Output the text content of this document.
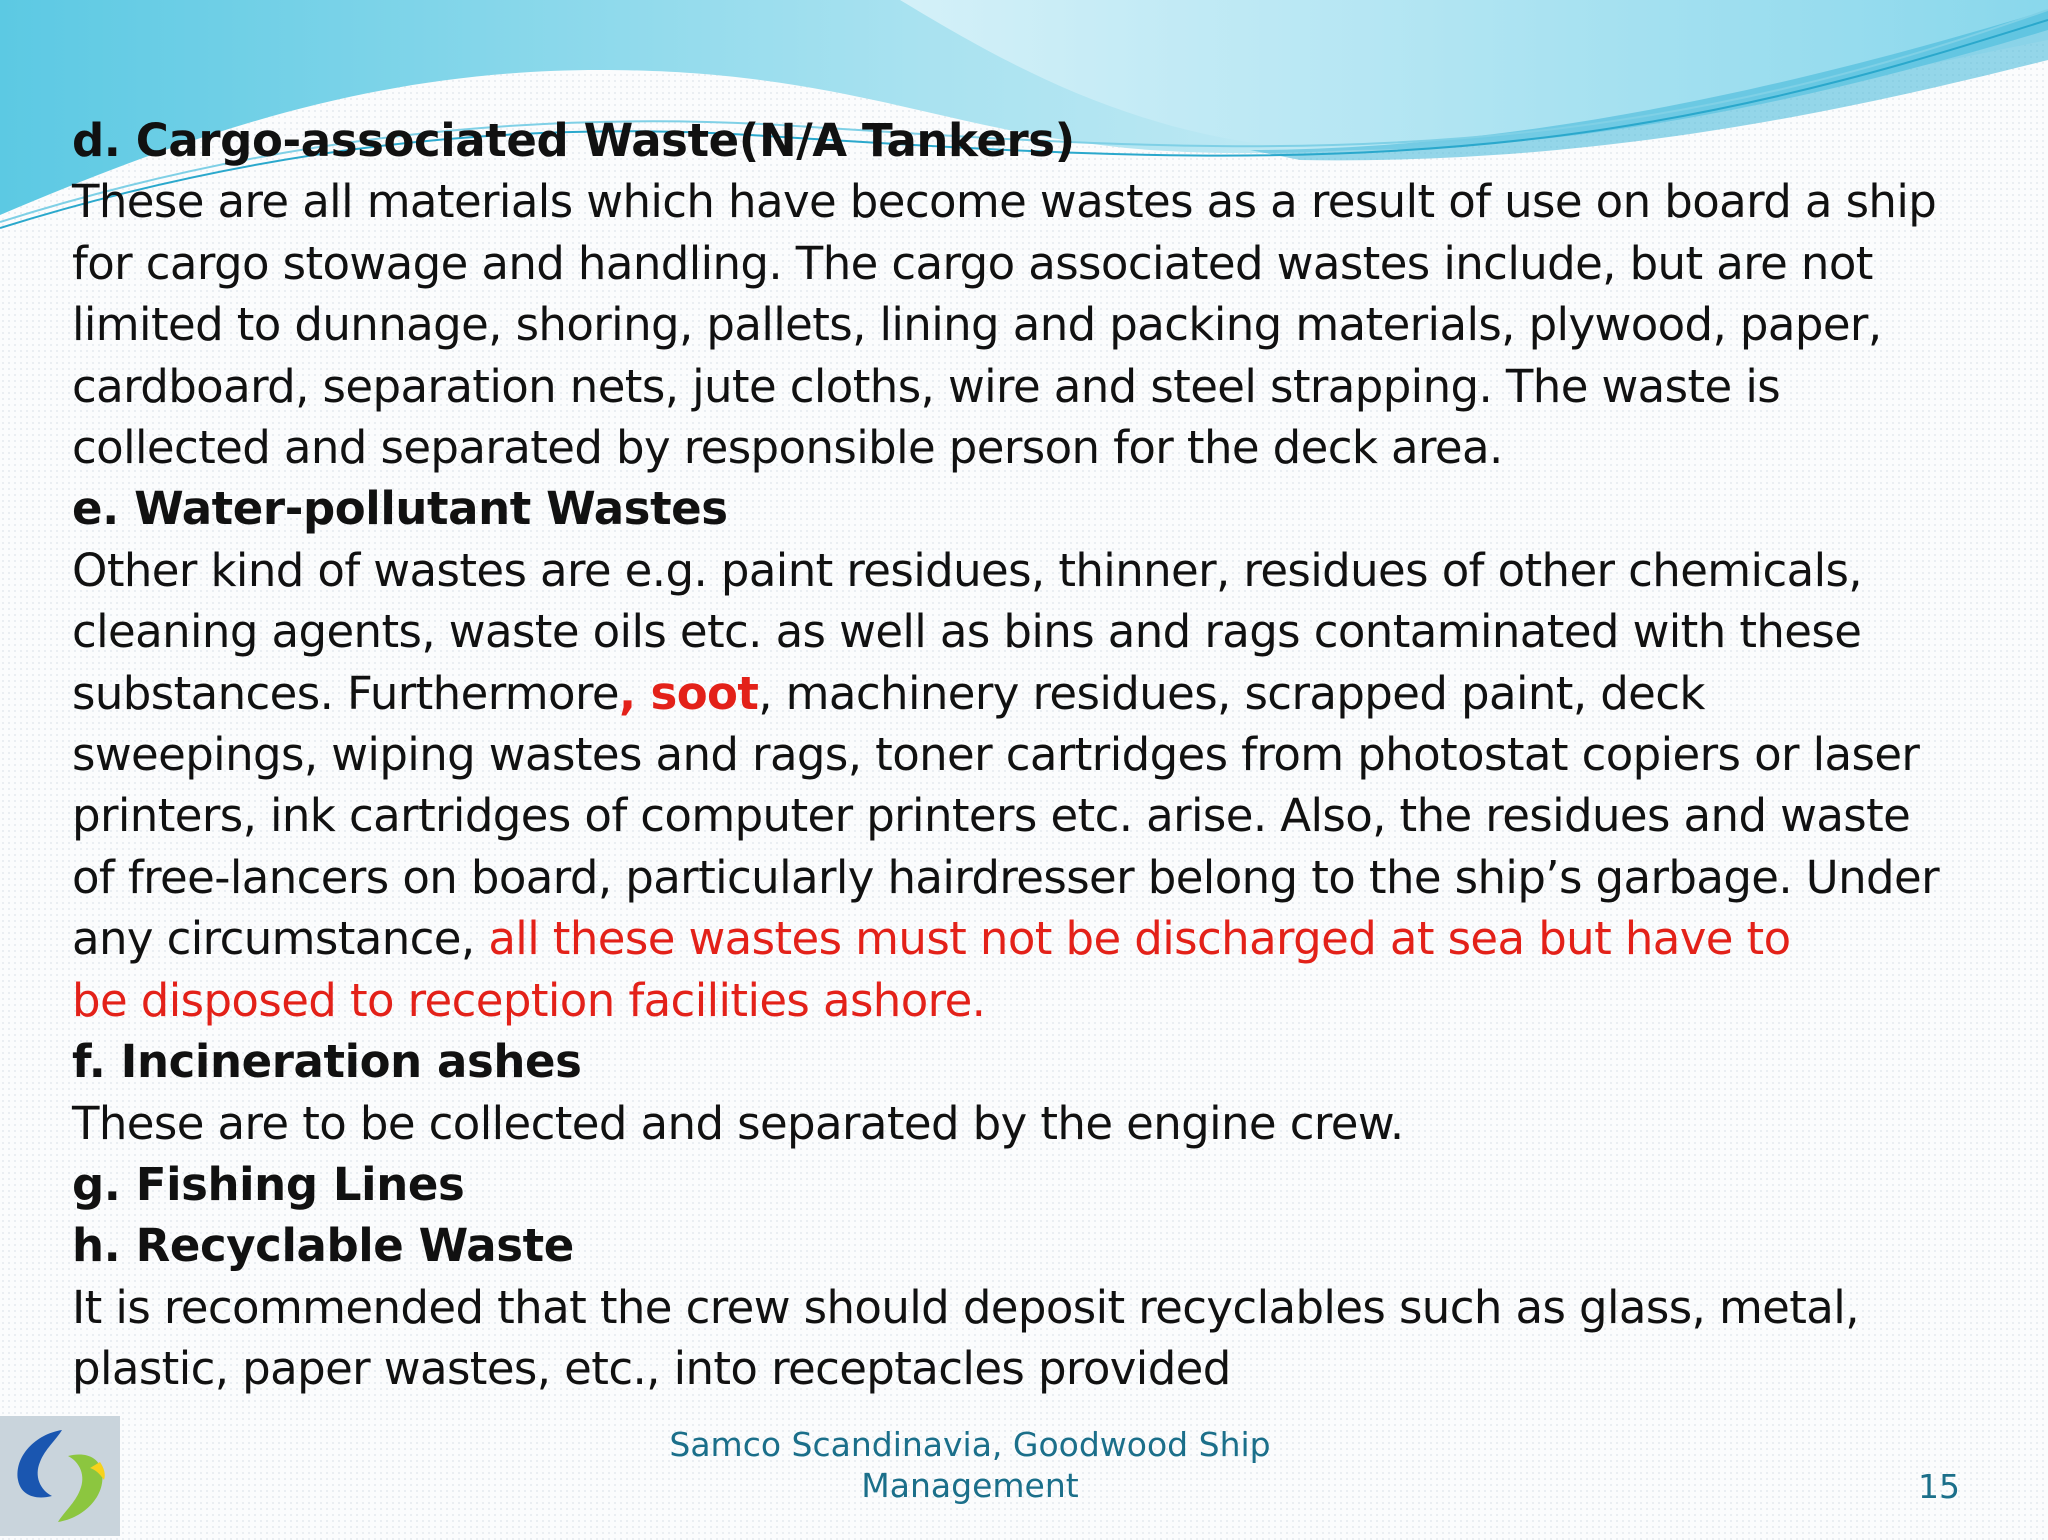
d. Cargo-associated Waste(N/A Tankers)

These are all materials which have become wastes as a result of use on board a ship

for cargo stowage and handling. The cargo associated wastes include, but are not

limited to dunnage, shoring, pallets, lining and packing materials, plywood, paper,

cardboard, separation nets, jute cloths, wire and steel strapping. The waste is

collected and separated by responsible person for the deck area.

e. Water-pollutant Wastes

Other kind of wastes are e.g. paint residues, thinner, residues of other chemicals,

cleaning agents, waste oils etc. as well as bins and rags contaminated with these

substances. Furthermore, soot, machinery residues, scrapped paint, deck

sweepings, wiping wastes and rags, toner cartridges from photostat copiers or laser

printers, ink cartridges of computer printers etc. arise. Also, the residues and waste

of free-lancers on board, particularly hairdresser belong to the ship’s garbage. Under

any circumstance, all these wastes must not be discharged at sea but have to

be disposed to reception facilities ashore.

f. Incineration ashes

These are to be collected and separated by the engine crew.

g. Fishing Lines

h. Recyclable Waste

It is recommended that the crew should deposit recyclables such as glass, metal,

plastic, paper wastes, etc., into receptacles provided

Samco Scandinavia, Goodwood Ship
Management	15
